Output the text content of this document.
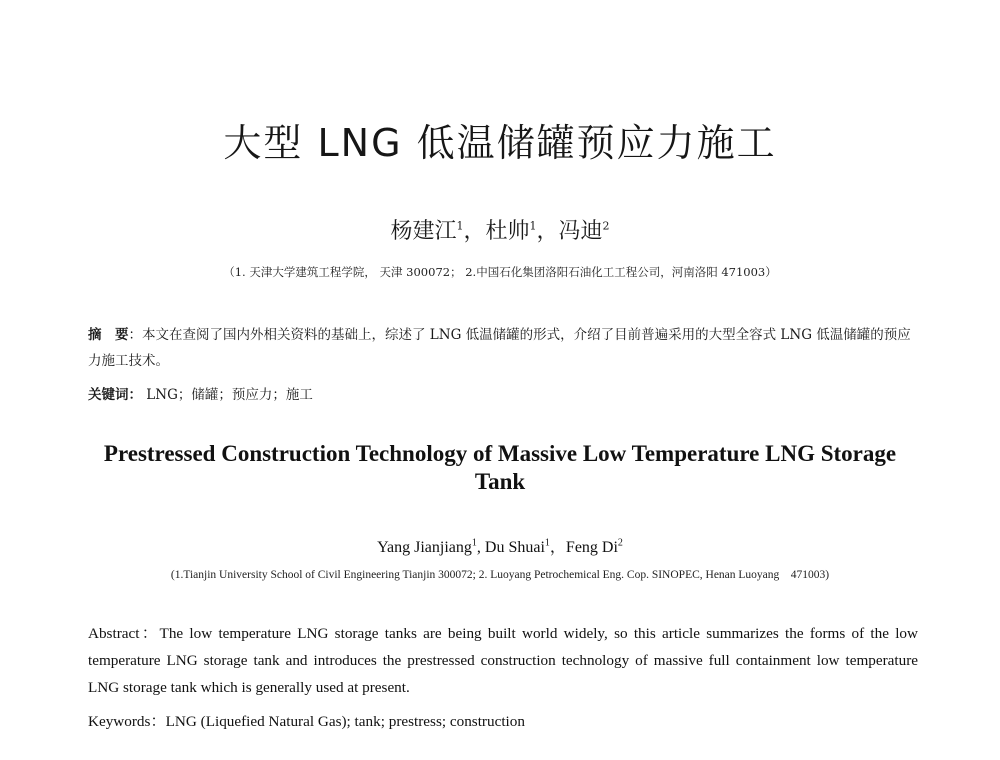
大型 LNG 低温储罐预应力施工
杨建江$^1$，杜帅$^1$，冯迪$^2$
（1. 天津大学建筑工程学院， 天津 300072； 2.中国石化集团洛阳石油化工工程公司，河南洛阳 471003）
摘　要：本文在查阅了国内外相关资料的基础上，综述了 LNG 低温储罐的形式，介绍了目前普遍采用的大型全容式 LNG 低温储罐的预应力施工技术。
关键词： LNG；储罐；预应力；施工
Prestressed Construction Technology of Massive Low Temperature LNG Storage Tank
Yang Jianjiang$^1$, Du Shuai$^1$，Feng Di$^2$
(1.Tianjin University School of Civil Engineering Tianjin 300072; 2. Luoyang Petrochemical Eng. Cop. SINOPEC, Henan Luoyang　471003)
Abstract：The low temperature LNG storage tanks are being built world widely, so this article summarizes the forms of the low temperature LNG storage tank and introduces the prestressed construction technology of massive full containment low temperature LNG storage tank which is generally used at present.
Keywords：LNG (Liquefied Natural Gas); tank; prestress; construction
